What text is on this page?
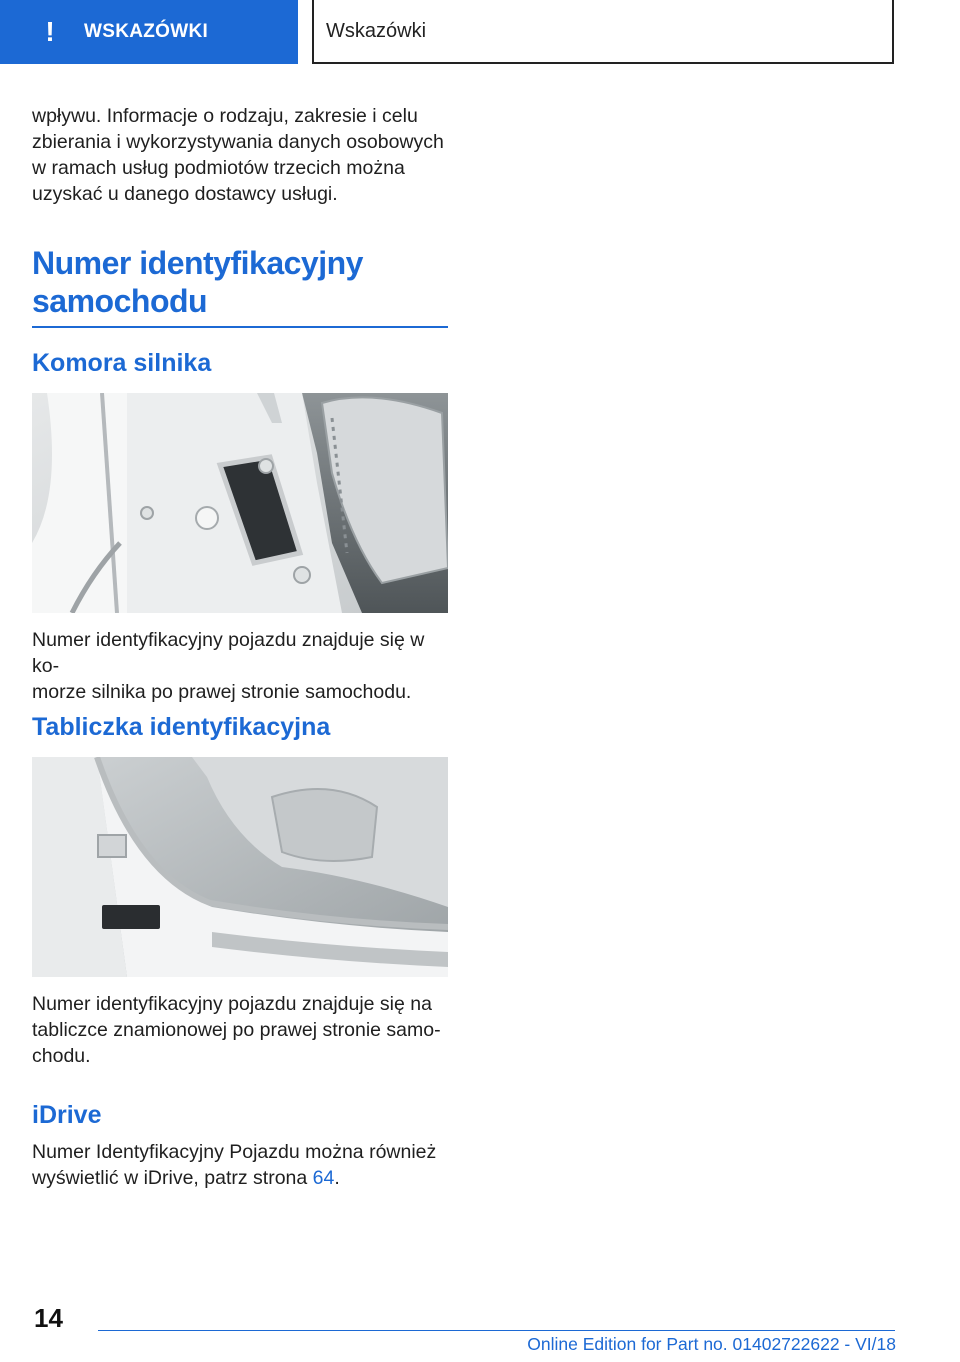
! WSKAZÓWKI	Wskazówki

wpływu. Informacje o rodzaju, zakresie i celu

zbierania i wykorzystywania danych osobowych

w ramach usług podmiotów trzecich można

uzyskać u danego dostawcy usługi.

Numer identyfikacyjny
samochodu
Komora silnika

Numer identyfikacyjny pojazdu znajduje się w ko-

morze silnika po prawej stronie samochodu.

Tabliczka identyfikacyjna

Numer identyfikacyjny pojazdu znajduje się na

tabliczce znamionowej po prawej stronie samo-

chodu.

iDrive

Numer Identyfikacyjny Pojazdu można również

wyświetlić w iDrive, patrz strona 64.

14
Online Edition for Part no. 01402722622 - VI/18
